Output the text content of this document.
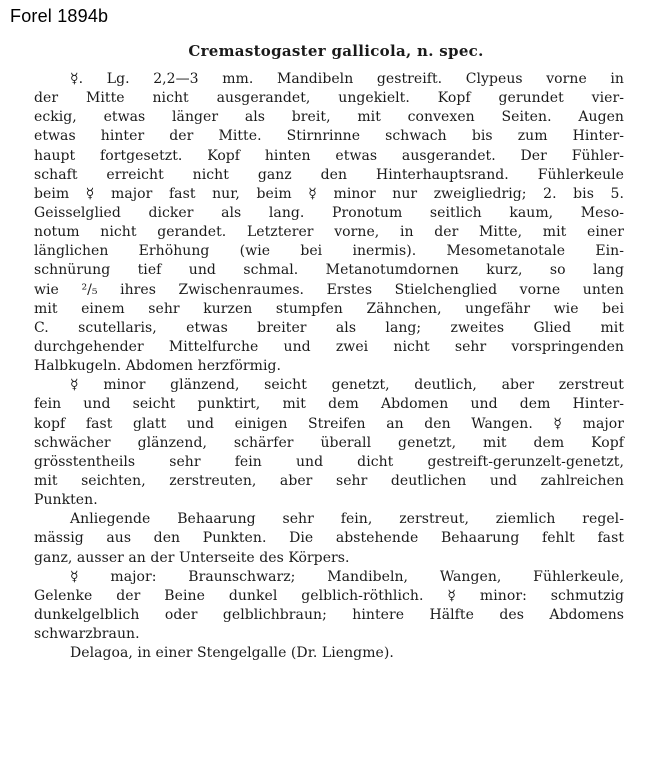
Forel 1894b
Cremastogaster gallicola, n. spec.
☿. Lg. 2,2—3 mm. Mandibeln gestreift. Clypeus vorne in
der Mitte nicht ausgerandet, ungekielt. Kopf gerundet vier-
eckig, etwas länger als breit, mit convexen Seiten. Augen
etwas hinter der Mitte. Stirnrinne schwach bis zum Hinter-
haupt fortgesetzt. Kopf hinten etwas ausgerandet. Der Fühler-
schaft erreicht nicht ganz den Hinterhauptsrand. Fühlerkeule
beim ☿ major fast nur, beim ☿ minor nur zweigliedrig; 2. bis 5.
Geisselglied dicker als lang. Pronotum seitlich kaum, Meso-
notum nicht gerandet. Letzterer vorne, in der Mitte, mit einer
länglichen Erhöhung (wie bei inermis). Mesometanotale Ein-
schnürung tief und schmal. Metanotumdornen kurz, so lang
wie ²/₅ ihres Zwischenraumes. Erstes Stielchenglied vorne unten
mit einem sehr kurzen stumpfen Zähnchen, ungefähr wie bei
C. scutellaris, etwas breiter als lang; zweites Glied mit
durchgehender Mittelfurche und zwei nicht sehr vorspringenden
Halbkugeln. Abdomen herzförmig.
☿ minor glänzend, seicht genetzt, deutlich, aber zerstreut
fein und seicht punktirt, mit dem Abdomen und dem Hinter-
kopf fast glatt und einigen Streifen an den Wangen. ☿ major
schwächer glänzend, schärfer überall genetzt, mit dem Kopf
grösstentheils sehr fein und dicht gestreift-gerunzelt-genetzt,
mit seichten, zerstreuten, aber sehr deutlichen und zahlreichen
Punkten.
Anliegende Behaarung sehr fein, zerstreut, ziemlich regel-
mässig aus den Punkten. Die abstehende Behaarung fehlt fast
ganz, ausser an der Unterseite des Körpers.
☿ major: Braunschwarz; Mandibeln, Wangen, Fühlerkeule,
Gelenke der Beine dunkel gelblich-röthlich. ☿ minor: schmutzig
dunkelgelblich oder gelblichbraun; hintere Hälfte des Abdomens
schwarzbraun.
Delagoa, in einer Stengelgalle (Dr. Liengme).
